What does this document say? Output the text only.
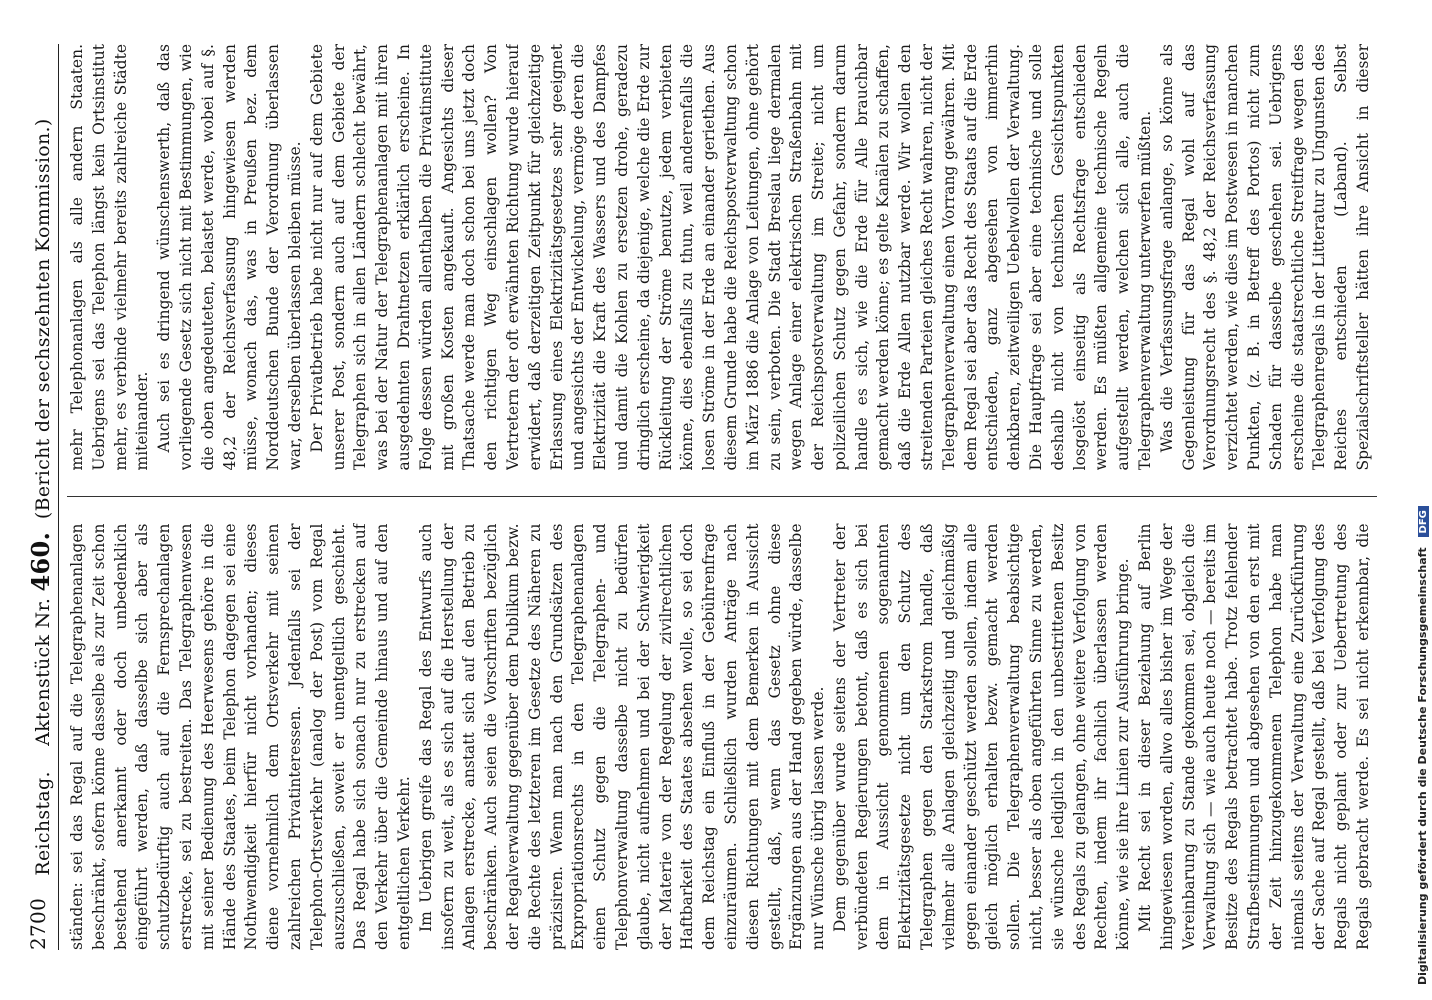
2700
Reichstag.    Aktenstück Nr. 460.  (Bericht der sechszehnten Kommission.)

ständen: sei das Regal auf die Telegraphenanlagen beschränkt, sofern könne dasselbe als zur Zeit schon bestehend anerkannt oder doch unbedenklich eingeführt werden, daß dasselbe sich aber als schutzbedürftig auch auf die Fernsprechanlagen erstrecke, sei zu bestreiten. Das Telegraphenwesen mit seiner Bedienung des Heerwesens gehöre in die Hände des Staates, beim Telephon dagegen sei eine Nothwendigkeit hierfür nicht vorhanden; dieses diene vornehmlich dem Ortsverkehr mit seinen zahlreichen Privatinteressen. Jedenfalls sei der Telephon-Ortsverkehr (analog der Post) vom Regal auszuschließen, soweit er unentgeltlich geschieht. Das Regal habe sich sonach nur zu erstrecken auf den Verkehr über die Gemeinde hinaus und auf den entgeltlichen Verkehr. Im Uebrigen greife das Regal des Entwurfs auch insofern zu weit, als es sich auf die Herstellung der Anlagen erstrecke, anstatt sich auf den Betrieb zu beschränken. Auch seien die Vorschriften bezüglich der Regalverwaltung gegenüber dem Publikum bezw. die Rechte des letzteren im Gesetze des Näheren zu präzisiren. Wenn man nach den Grundsätzen des Expropriationsrechts in den Telegraphenanlagen einen Schutz gegen die Telegraphen- und Telephonverwaltung dasselbe nicht zu bedürfen glaube, nicht aufnehmen und bei der Schwierigkeit der Materie von der Regelung der zivilrechtlichen Haftbarkeit des Staates absehen wolle, so sei doch dem Reichstag ein Einfluß in der Gebührenfrage einzuräumen. Schließlich wurden Anträge nach diesen Richtungen mit dem Bemerken in Aussicht gestellt, daß, wenn das Gesetz ohne diese Ergänzungen aus der Hand gegeben würde, dasselbe nur Wünsche übrig lassen werde. Dem gegenüber wurde seitens der Vertreter der verbündeten Regierungen betont, daß es sich bei dem in Aussicht genommenen sogenannten Elektrizitätsgesetze nicht um den Schutz des Telegraphen gegen den Starkstrom handle, daß vielmehr alle Anlagen gleichzeitig und gleichmäßig gegen einander geschützt werden sollen, indem alle gleich möglich erhalten bezw. gemacht werden sollen. Die Telegraphenverwaltung beabsichtige nicht, besser als oben angeführten Sinne zu werden, sie wünsche lediglich in den unbestrittenen Besitz des Regals zu gelangen, ohne weitere Verfolgung von Rechten, indem ihr fachlich überlassen werden könne, wie sie ihre Linien zur Ausführung bringe. Mit Recht sei in dieser Beziehung auf Berlin hingewiesen worden, allwo alles bisher im Wege der Vereinbarung zu Stande gekommen sei, obgleich die Verwaltung sich — wie auch heute noch — bereits im Besitze des Regals betrachtet habe. Trotz fehlender Strafbestimmungen und abgesehen von den erst mit der Zeit hinzugekommenen Telephon habe man niemals seitens der Verwaltung eine Zurückführung der Sache auf Regal gestellt, daß bei Verfolgung des Regals nicht geplant oder zur Uebertretung des Regals gebracht werde. Es sei nicht erkennbar, die

mehr Telephonanlagen als alle andern Staaten. Uebrigens sei das Telephon längst kein Ortsinstitut mehr, es verbinde vielmehr bereits zahlreiche Städte miteinander. Auch sei es dringend wünschenswerth, daß das vorliegende Gesetz sich nicht mit Bestimmungen, wie die oben angedeuteten, belastet werde, wobei auf §. 48,2 der Reichsverfassung hingewiesen werden müsse, wonach das, was in Preußen bez. dem Norddeutschen Bunde der Verordnung überlassen war, derselben überlassen bleiben müsse. Der Privatbetrieb habe nicht nur auf dem Gebiete unserer Post, sondern auch auf dem Gebiete der Telegraphen sich in allen Ländern schlecht bewährt, was bei der Natur der Telegraphenanlagen mit ihren ausgedehnten Drahtnetzen erklärlich erscheine. In Folge dessen würden allenthalben die Privatinstitute mit großen Kosten angekauft. Angesichts dieser Thatsache werde man doch schon bei uns jetzt doch den richtigen Weg einschlagen wollen? Von Vertretern der oft erwähnten Richtung wurde hierauf erwidert, daß derzeitigen Zeitpunkt für gleichzeitige Erlassung eines Elektrizitätsgesetzes sehr geeignet und angesichts der Entwickelung, vermöge deren die Elektrizität die Kraft des Wassers und des Dampfes und damit die Kohlen zu ersetzen drohe, geradezu dringlich erscheine, da diejenige, welche die Erde zur Rückleitung der Ströme benutze, jedem verbieten könne, dies ebenfalls zu thun, weil anderenfalls die losen Ströme in der Erde an einander geriethen. Aus diesem Grunde habe die Reichspostverwaltung schon im März 1886 die Anlage von Leitungen, ohne gehört zu sein, verboten. Die Stadt Breslau liege dermalen wegen Anlage einer elektrischen Straßenbahn mit der Reichspostverwaltung im Streite; nicht um polizeilichen Schutz gegen Gefahr, sondern darum handle es sich, wie die Erde für Alle brauchbar gemacht werden könne; es gelte Kanälen zu schaffen, daß die Erde Allen nutzbar werde. Wir wollen den streitenden Parteien gleiches Recht wahren, nicht der Telegraphenverwaltung einen Vorrang gewähren. Mit dem Regal sei aber das Recht des Staats auf die Erde entschieden, ganz abgesehen von immerhin denkbaren, zeitweiligen Uebelwollen der Verwaltung. Die Hauptfrage sei aber eine technische und solle deshalb nicht von technischen Gesichtspunkten losgelöst einseitig als Rechtsfrage entschieden werden. Es müßten allgemeine technische Regeln aufgestellt werden, welchen sich alle, auch die Telegraphenverwaltung unterwerfen müßten. Was die Verfassungsfrage anlange, so könne als Gegenleistung für das Regal wohl auf das Verordnungsrecht des §. 48,2 der Reichsverfassung verzichtet werden, wie dies im Postwesen in manchen Punkten, (z. B. in Betreff des Portos) nicht zum Schaden für dasselbe geschehen sei. Uebrigens erscheine die staatsrechtliche Streitfrage wegen des Telegraphenregals in der Litteratur zu Ungunsten des Reiches entschieden (Laband). Selbst Spezialschriftsteller hätten ihre Ansicht in dieser

Digitalisierung gefördert durch die Deutsche Forschungsgemeinschaft DFG
